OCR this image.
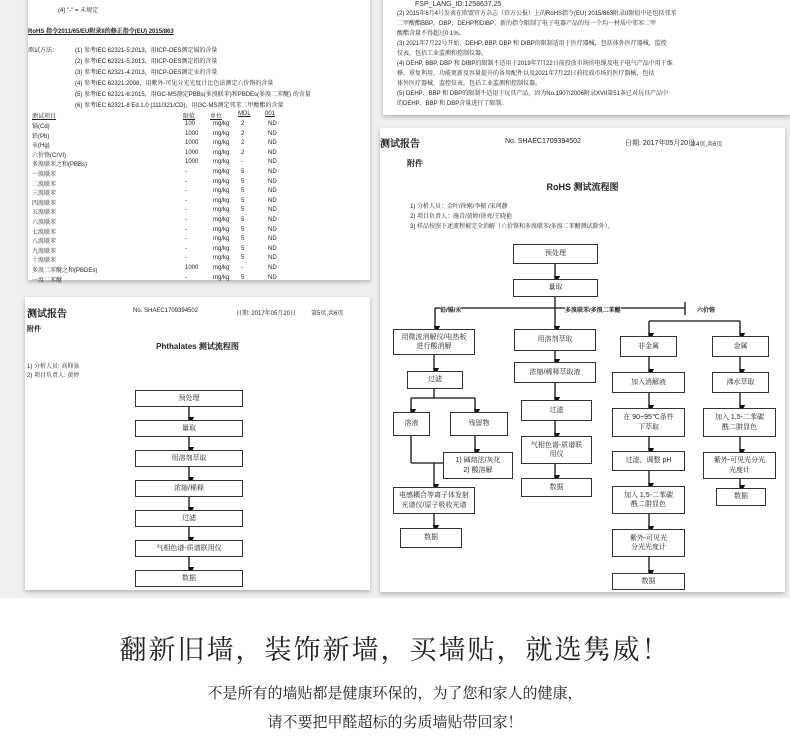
(4) "-" = 未规定
RoHS 指令2011/65/EU附录II的修正指令(EU) 2015/863
测试方法：	(1) 参考IEC 62321-5:2013，用ICP-OES测定镉的含量
(2) 参考IEC 62321-5:2013，用ICP-OES测定铅的含量
(3) 参考IEC 62321-4:2013，用ICP-OES测定汞的含量
(4) 参考IEC 62321:2008，用紫外-可见分光光度计比色法测定六价铬的含量
(5) 参考IEC 62321-6:2015，用GC-MS测定PBBs(多溴联苯)和PBDEs(多溴二苯醚) 的含量
(6) 参考IEC 62321-8 Ed.1.0 (111/321/CD)，用GC-MS测定邻苯二甲酸酯的含量
测试项目	限值 单位	MDL 001
镉(Cd)	100	mg/kg 2	ND
铅(Pb)	1000 mg/kg 2	ND
汞(Hg)	1000 mg/kg 2	ND
六价铬(CrVI)	1000 mg/kg 2	ND
多溴联苯之和(PBBs)	1000 mg/kg -	ND
一溴联苯	-	mg/kg 5	ND
二溴联苯	-	mg/kg 5	ND
三溴联苯	-	mg/kg 5	ND
四溴联苯	-	mg/kg 5	ND
五溴联苯	-	mg/kg 5	ND
六溴联苯	-	mg/kg 5	ND
七溴联苯	-	mg/kg 5	ND
八溴联苯	-	mg/kg 5	ND
九溴联苯	-	mg/kg 5	ND
十溴联苯	-	mg/kg 5	ND
多溴二苯醚之和(PBDEs)	1000 mg/kg -	ND
一溴二苯醚	-	mg/kg 5	ND
FSP_LANG_ID:1258637.25
(2) 2015年6月4号发表在欧盟官方杂志（官方公报）上的RoHS指令(EU) 2015/863附录II限值中还包括邻苯
二甲酸酯BBP，DBP，DEHP和DIBP。新的指令限制了电子电器产品的每一个均一材质中邻苯二甲
酸酯含量不得超过0.1%。
(3) 2021年7月22号开始，DEHP, BBP, DBP 和 DIBP的限制适用于医疗器械，包括体外医疗器械，监控
仪表，包括工业监测和控制仪器。
(4) DEHP, BBP, DBP 和 DIBP的限制不适用于2019年7月22日前投放市场的电缆及电子电气产品中用于维
修、重复利用、功能更新及容量提升的备用配件以及2021年7月22日前投放市场的医疗器械，包括
体外医疗器械，监控仪表，包括工业监测和控制仪器。
(5) DEHP、BBP 和 DBP的限制不适用于玩具产品，因为No.1907/2006附录XVII第51条已对玩具产品中
的DEHP、BBP 和 DBP含量进行了限制。
测试报告	No. SHAEC1709394502	日期: 2017年05月20日
第4页,共6页
附件
RoHS 测试流程图
1) 分析人员：金叶/徐刚/李振 /宋珂静
2) 项目负责人：施青/黄婷/徐亮/王晓艳
3) 样品按照下述流程被完全消解（六价铬和多溴联苯/多溴二苯醚测试除外）。
测试报告	No. SHAEC1709394502	日期: 2017年05月20日 第5页,共6页
附件
Phthalates 测试流程图
1) 分析人员: 高仰景
2) 项目负责人: 黄婷
预处理
量取
用溶剂萃取
浓缩/稀释
过滤
气相色谱-质谱联用仪
数据
预处理
量取
用微波消解仪/电热板
进行酸消解
过滤
溶液	残留物
1) 碱熔法/灰化
2) 酸溶解
电感耦合等离子体发射
光谱仪/原子吸收光谱
数据
用溶剂萃取
浓缩/稀释萃取液
过滤
气相色谱-质谱联
用仪
数据
非金属
加入消解液
在 90~95℃条件
下萃取
过滤，调整 pH
加入 1,5-二苯碳
酰二肼显色
紫外-可见光
分光光度计
数据
金属
沸水萃取
加入 1,5-二苯碳
酰二肼显色
紫外-可见光分光
光度计
数据
铅/镉/汞	多溴联苯/多溴二苯醚	六价铬
翻新旧墙，装饰新墙，买墙贴，就选隽威！
不是所有的墙贴都是健康环保的，为了您和家人的健康，
请不要把甲醛超标的劣质墙贴带回家！
